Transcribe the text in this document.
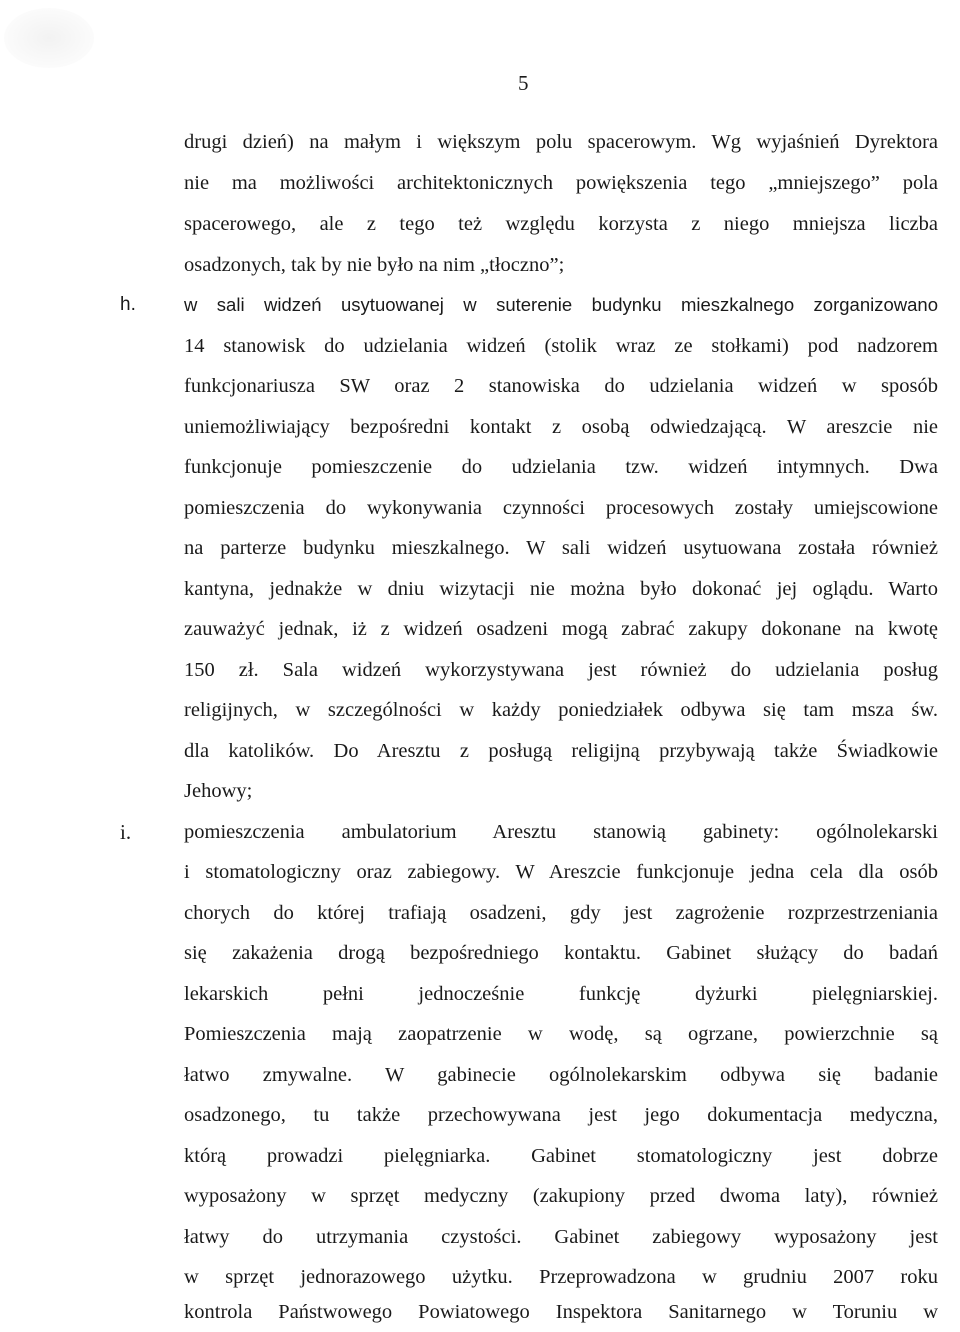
5
drugi dzień) na małym i większym polu spacerowym. Wg wyjaśnień Dyrektora
nie ma możliwości architektonicznych powiększenia tego „mniejszego” pola
spacerowego, ale z tego też względu korzysta z niego mniejsza liczba
osadzonych, tak by nie było na nim „tłoczno”;
h.	w sali widzeń usytuowanej w suterenie budynku mieszkalnego zorganizowano
14 stanowisk do udzielania widzeń (stolik wraz ze stołkami) pod nadzorem
funkcjonariusza SW oraz 2 stanowiska do udzielania widzeń w sposób
uniemożliwiający bezpośredni kontakt z osobą odwiedzającą. W areszcie nie
funkcjonuje pomieszczenie do udzielania tzw. widzeń intymnych. Dwa
pomieszczenia do wykonywania czynności procesowych zostały umiejscowione
na parterze budynku mieszkalnego. W sali widzeń usytuowana została również
kantyna, jednakże w dniu wizytacji nie można było dokonać jej oglądu. Warto
zauważyć jednak, iż z widzeń osadzeni mogą zabrać zakupy dokonane na kwotę
150 zł. Sala widzeń wykorzystywana jest również do udzielania posług
religijnych, w szczególności w każdy poniedziałek odbywa się tam msza św.
dla katolików. Do Aresztu z posługą religijną przybywają także Świadkowie
Jehowy;
i.	pomieszczenia ambulatorium Aresztu stanowią gabinety: ogólnolekarski
i stomatologiczny oraz zabiegowy. W Areszcie funkcjonuje jedna cela dla osób
chorych do której trafiają osadzeni, gdy jest zagrożenie rozprzestrzeniania
się zakażenia drogą bezpośredniego kontaktu. Gabinet służący do badań
lekarskich pełni jednocześnie funkcję dyżurki pielęgniarskiej.
Pomieszczenia mają zaopatrzenie w wodę, są ogrzane, powierzchnie są
łatwo zmywalne. W gabinecie ogólnolekarskim odbywa się badanie
osadzonego, tu także przechowywana jest jego dokumentacja medyczna,
którą prowadzi pielęgniarka. Gabinet stomatologiczny jest dobrze
wyposażony w sprzęt medyczny (zakupiony przed dwoma laty), również
łatwy do utrzymania czystości. Gabinet zabiegowy wyposażony jest
w sprzęt jednorazowego użytku. Przeprowadzona w grudniu 2007 roku
kontrola Państwowego Powiatowego Inspektora Sanitarnego w Toruniu w
